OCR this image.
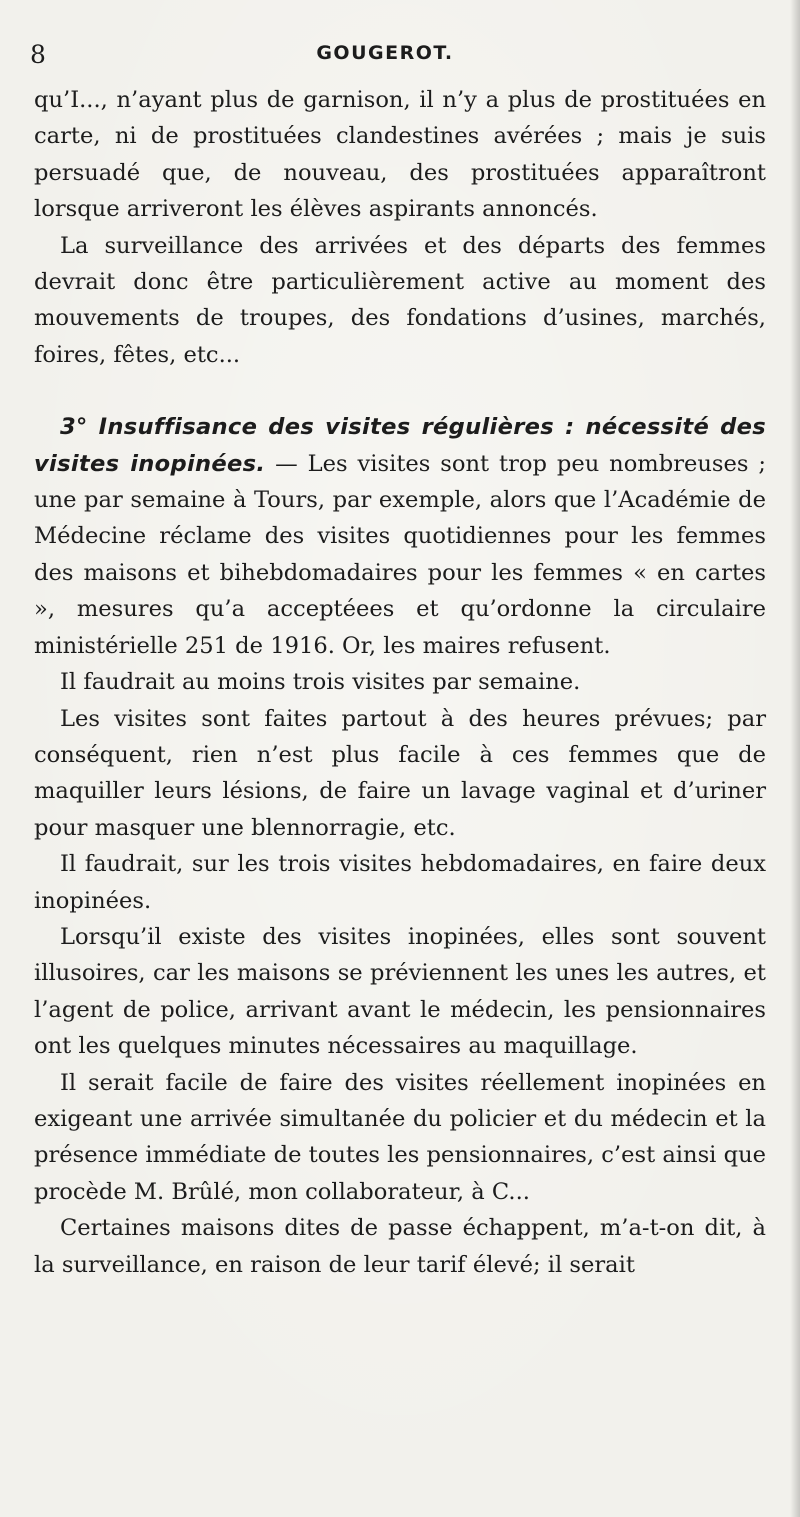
8	GOUGEROT.

qu’I..., n’ayant plus de garnison, il n’y a plus de prostituées en carte, ni de prostituées clandestines avérées ; mais je suis persuadé que, de nouveau, des prostituées apparaîtront lorsque arriveront les élèves aspirants annoncés.

La surveillance des arrivées et des départs des femmes devrait donc être particulièrement active au moment des mouvements de troupes, des fondations d’usines, marchés, foires, fêtes, etc...

3° Insuffisance des visites régulières : nécessité des visites inopinées. — Les visites sont trop peu nombreuses ; une par semaine à Tours, par exemple, alors que l’Académie de Médecine réclame des visites quotidiennes pour les femmes des maisons et bihebdomadaires pour les femmes « en cartes », mesures qu’a acceptéees et qu’ordonne la circulaire ministérielle 251 de 1916. Or, les maires refusent.

Il faudrait au moins trois visites par semaine.

Les visites sont faites partout à des heures prévues; par conséquent, rien n’est plus facile à ces femmes que de maquiller leurs lésions, de faire un lavage vaginal et d’uriner pour masquer une blennorragie, etc.

Il faudrait, sur les trois visites hebdomadaires, en faire deux inopinées.

Lorsqu’il existe des visites inopinées, elles sont souvent illusoires, car les maisons se préviennent les unes les autres, et l’agent de police, arrivant avant le médecin, les pensionnaires ont les quelques minutes nécessaires au maquillage.

Il serait facile de faire des visites réellement inopinées en exigeant une arrivée simultanée du policier et du médecin et la présence immédiate de toutes les pensionnaires, c’est ainsi que procède M. Brûlé, mon collaborateur, à C...

Certaines maisons dites de passe échappent, m’a-t-on dit, à la surveillance, en raison de leur tarif élevé; il serait
